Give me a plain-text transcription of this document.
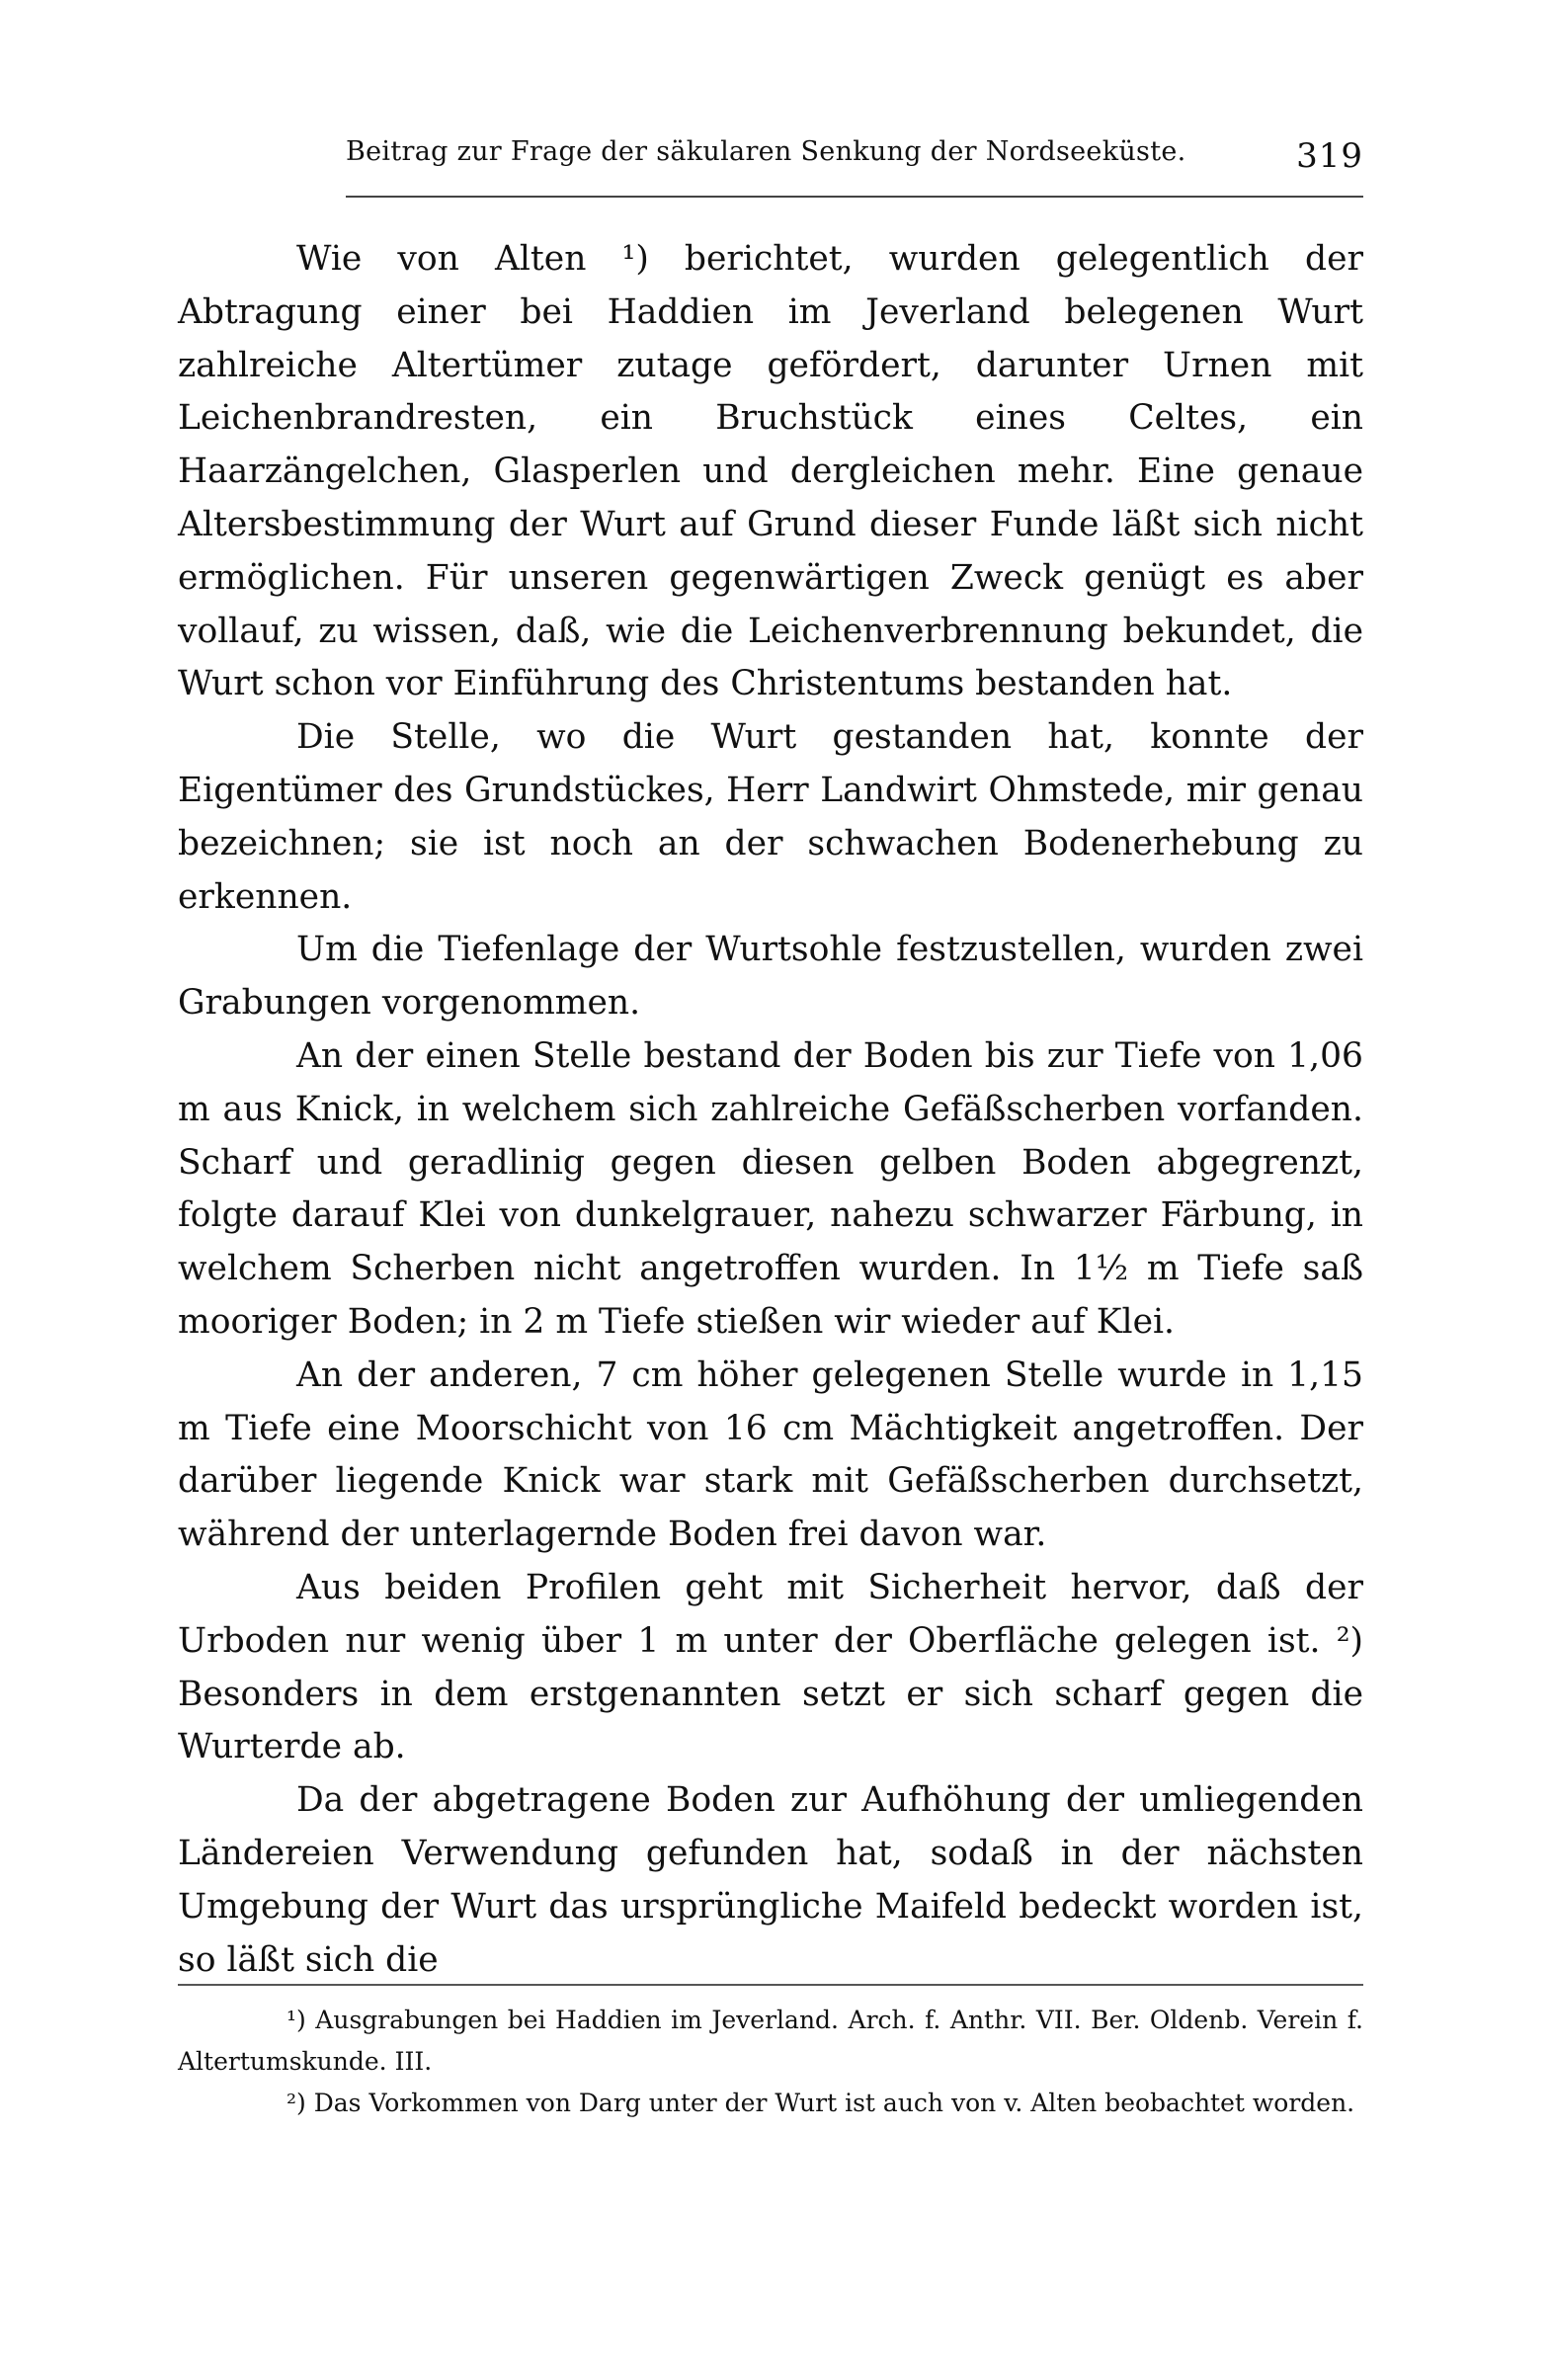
Beitrag zur Frage der säkularen Senkung der Nordseeküste.	319

Wie von Alten ¹) berichtet, wurden gelegentlich der Abtragung einer bei Haddien im Jeverland belegenen Wurt zahlreiche Altertümer zutage gefördert, darunter Urnen mit Leichenbrandresten, ein Bruchstück eines Celtes, ein Haarzängelchen, Glasperlen und dergleichen mehr. Eine genaue Altersbestimmung der Wurt auf Grund dieser Funde läßt sich nicht ermöglichen. Für unseren gegenwärtigen Zweck genügt es aber vollauf, zu wissen, daß, wie die Leichenverbrennung bekundet, die Wurt schon vor Einführung des Christentums bestanden hat.

Die Stelle, wo die Wurt gestanden hat, konnte der Eigentümer des Grundstückes, Herr Landwirt Ohmstede, mir genau bezeichnen; sie ist noch an der schwachen Bodenerhebung zu erkennen.

Um die Tiefenlage der Wurtsohle festzustellen, wurden zwei Grabungen vorgenommen.

An der einen Stelle bestand der Boden bis zur Tiefe von 1,06 m aus Knick, in welchem sich zahlreiche Gefäßscherben vorfanden. Scharf und geradlinig gegen diesen gelben Boden abgegrenzt, folgte darauf Klei von dunkelgrauer, nahezu schwarzer Färbung, in welchem Scherben nicht angetroffen wurden. In 1½ m Tiefe saß mooriger Boden; in 2 m Tiefe stießen wir wieder auf Klei.

An der anderen, 7 cm höher gelegenen Stelle wurde in 1,15 m Tiefe eine Moorschicht von 16 cm Mächtigkeit angetroffen. Der darüber liegende Knick war stark mit Gefäßscherben durchsetzt, während der unterlagernde Boden frei davon war.

Aus beiden Profilen geht mit Sicherheit hervor, daß der Urboden nur wenig über 1 m unter der Oberfläche gelegen ist. ²) Besonders in dem erstgenannten setzt er sich scharf gegen die Wurterde ab.

Da der abgetragene Boden zur Aufhöhung der umliegenden Ländereien Verwendung gefunden hat, sodaß in der nächsten Umgebung der Wurt das ursprüngliche Maifeld bedeckt worden ist, so läßt sich die

¹) Ausgrabungen bei Haddien im Jeverland. Arch. f. Anthr. VII. Ber. Oldenb. Verein f. Altertumskunde. III.

²) Das Vorkommen von Darg unter der Wurt ist auch von v. Alten beobachtet worden.
